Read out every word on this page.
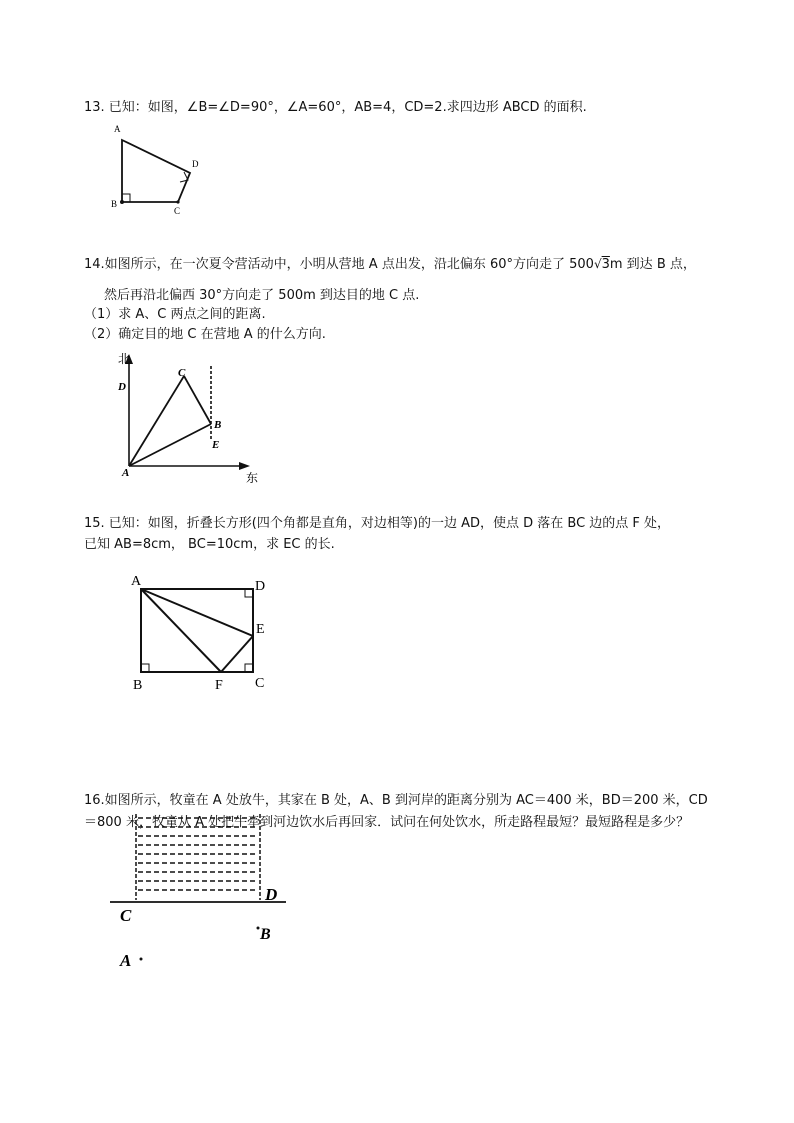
13. 已知：如图，∠B=∠D=90°，∠A=60°，AB=4，CD=2.求四边形 ABCD 的面积.
A
D
B
C
14.如图所示，在一次夏令营活动中，小明从营地 A 点出发，沿北偏东 60°方向走了 500√3m 到达 B 点，
然后再沿北偏西 30°方向走了 500m 到达目的地 C 点.
（1）求 A、C 两点之间的距离.
（2）确定目的地 C 在营地 A 的什么方向.
北
东
D
C
B
E
A
15. 已知：如图，折叠长方形(四个角都是直角，对边相等)的一边 AD，使点 D 落在 BC 边的点 F 处，
已知 AB=8cm， BC=10cm，求 EC 的长.
A	D
E
B	F C
16.如图所示，牧童在 A 处放牛，其家在 B 处，A、B 到河岸的距离分别为 AC＝400 米，BD＝200 米，CD
＝800 米，牧童从 A 处把牛牵到河边饮水后再回家．试问在何处饮水，所走路程最短？最短路程是多少？
D
C
B
A
